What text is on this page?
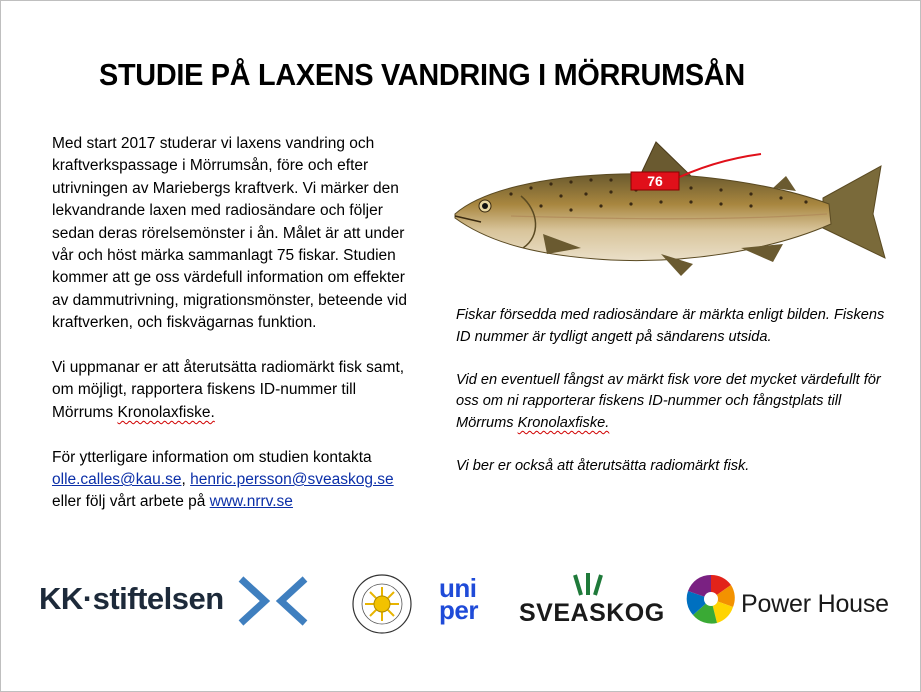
STUDIE PÅ LAXENS VANDRING I MÖRRUMSÅN

Med start 2017 studerar vi laxens vandring och kraftverkspassage i Mörrumsån, före och efter utrivningen av Mariebergs kraftverk. Vi märker den lekvandrande laxen med radiosändare och följer sedan deras rörelsemönster i ån. Målet är att under vår och höst märka sammanlagt 75 fiskar. Studien kommer att ge oss värdefull information om effekter av dammutrivning, migrationsmönster, beteende vid kraftverken, och fiskvägarnas funktion.

Vi uppmanar er att återutsätta radiomärkt fisk samt, om möjligt, rapportera fiskens ID-nummer till Mörrums Kronolaxfiske.

För ytterligare information om studien kontakta olle.calles@kau.se, henric.persson@sveaskog.se eller följ vårt arbete på www.nrrv.se

76

Fiskar försedda med radiosändare är märkta enligt bilden. Fiskens ID nummer är tydligt angett på sändarens utsida.

Vid en eventuell fångst av märkt fisk vore det mycket värdefullt för oss om ni rapporterar fiskens ID-nummer och fångstplats till Mörrums Kronolaxfiske.

Vi ber er också att återutsätta radiomärkt fisk.

KK·stiftelsen	uni
per SVEASKOG	Power House
